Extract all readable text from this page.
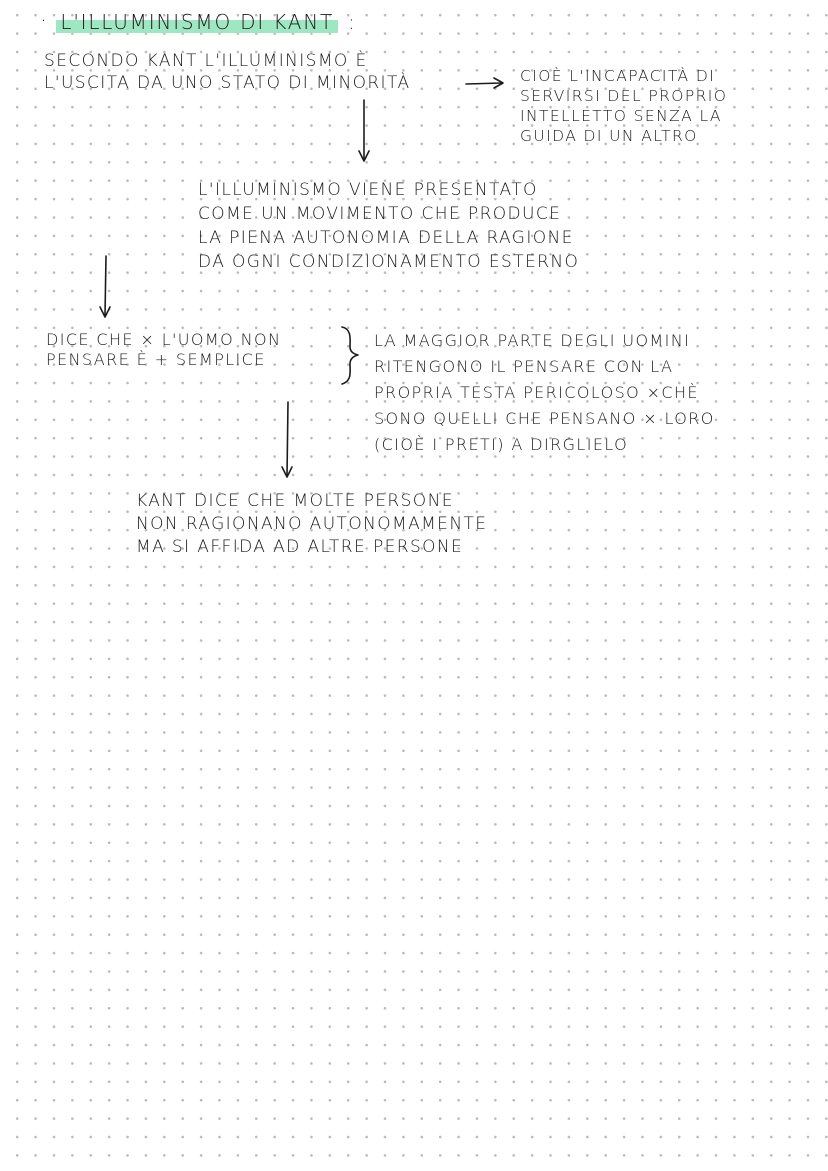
· L'ILLUMINISMO DI KANT :
SECONDO KANT L'ILLUMINISMO È
L'USCITA DA UNO STATO DI MINORITÀ	CIOÈ L'INCAPACITÀ DI
SERVIRSI DEL PROPRIO
INTELLETTO SENZA LA
GUIDA DI UN ALTRO
L'ILLUMINISMO VIENE PRESENTATO
COME UN MOVIMENTO CHE PRODUCE
LA PIENA AUTONOMIA DELLA RAGIONE
DA OGNI CONDIZIONAMENTO ESTERNO
DICE CHE × L'UOMO NON
PENSARE È + SEMPLICE
LA MAGGIOR PARTE DEGLI UOMINI
RITENGONO IL PENSARE CON LA
PROPRIA TESTA PERICOLOSO ×CHÈ
SONO QUELLI CHE PENSANO × LORO
(CIOÈ I PRETI) A DIRGLIELO
KANT DICE CHE MOLTE PERSONE
NON RAGIONANO AUTONOMAMENTE
MA SI AFFIDA AD ALTRE PERSONE
